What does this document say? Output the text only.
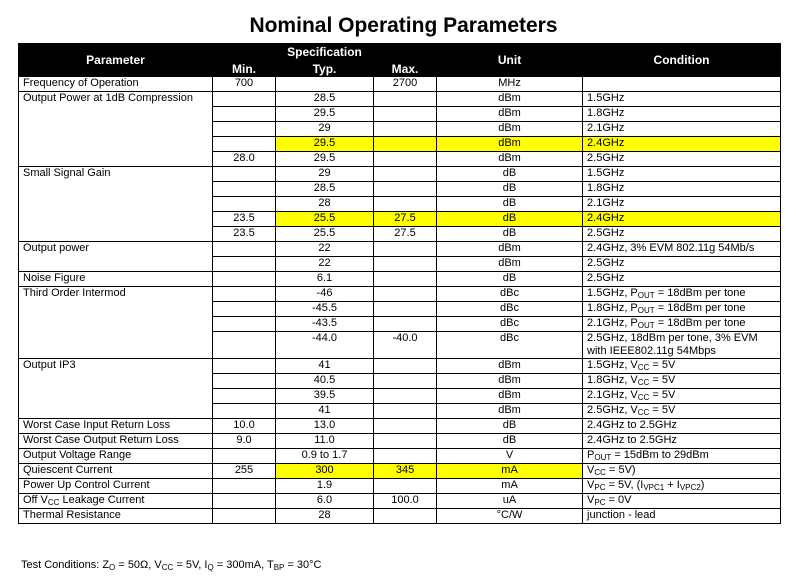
Nominal Operating Parameters
Parameter	Specification			Unit	Condition
	Min.	Typ.	Max.		
Frequency of Operation	700		2700	MHz	
Output Power at 1dB Compression		28.5		dBm	1.5GHz
		29.5		dBm	1.8GHz
		29		dBm	2.1GHz
		29.5		dBm	2.4GHz
	28.0	29.5		dBm	2.5GHz
Small Signal Gain		29		dB	1.5GHz
		28.5		dB	1.8GHz
		28		dB	2.1GHz
	23.5	25.5	27.5	dB	2.4GHz
	23.5	25.5	27.5	dB	2.5GHz
Output power		22		dBm	2.4GHz, 3% EVM 802.11g 54Mb/s
		22		dBm	2.5GHz
Noise Figure		6.1		dB	2.5GHz
Third Order Intermod		-46		dBc	1.5GHz, $P_{OUT} = 18dBm$ per tone
		-45.5		dBc	1.8GHz, $P_{OUT} = 18dBm$ per tone
		-43.5		dBc	2.1GHz, $P_{OUT} = 18dBm$ per tone
		-44.0	-40.0	dBc	2.5GHz, 18dBm per tone, 3% EVM with IEEE802.11g 54Mbps
Output IP3		41		dBm	1.5GHz, $V_{CC} = 5V$
		40.5		dBm	1.8GHz, $V_{CC} = 5V$
		39.5		dBm	2.1GHz, $V_{CC} = 5V$
		41		dBm	2.5GHz, $V_{CC} = 5V$
Worst Case Input Return Loss	10.0	13.0		dB	2.4GHz to 2.5GHz
Worst Case Output Return Loss	9.0	11.0		dB	2.4GHz to 2.5GHz
Output Voltage Range		0.9 to 1.7		V	$P_{OUT} = 15dBm$ to 29dBm
Quiescent Current	255	300	345	mA	$V_{CC} = 5V$)
Power Up Control Current		1.9		mA	$V_{PC} = 5V$, $(I_{VPC1} + I_{VPC2})$
Off $V_{CC}$ Leakage Current		6.0	100.0	uA	$V_{PC} = 0V$
Thermal Resistance		28		°C/W	junction - lead
Test Conditions: $Z_O = 50\Omega$, $V_{CC} = 5V$, $I_Q = 300mA$, $T_{BP} = 30^\circ C$
